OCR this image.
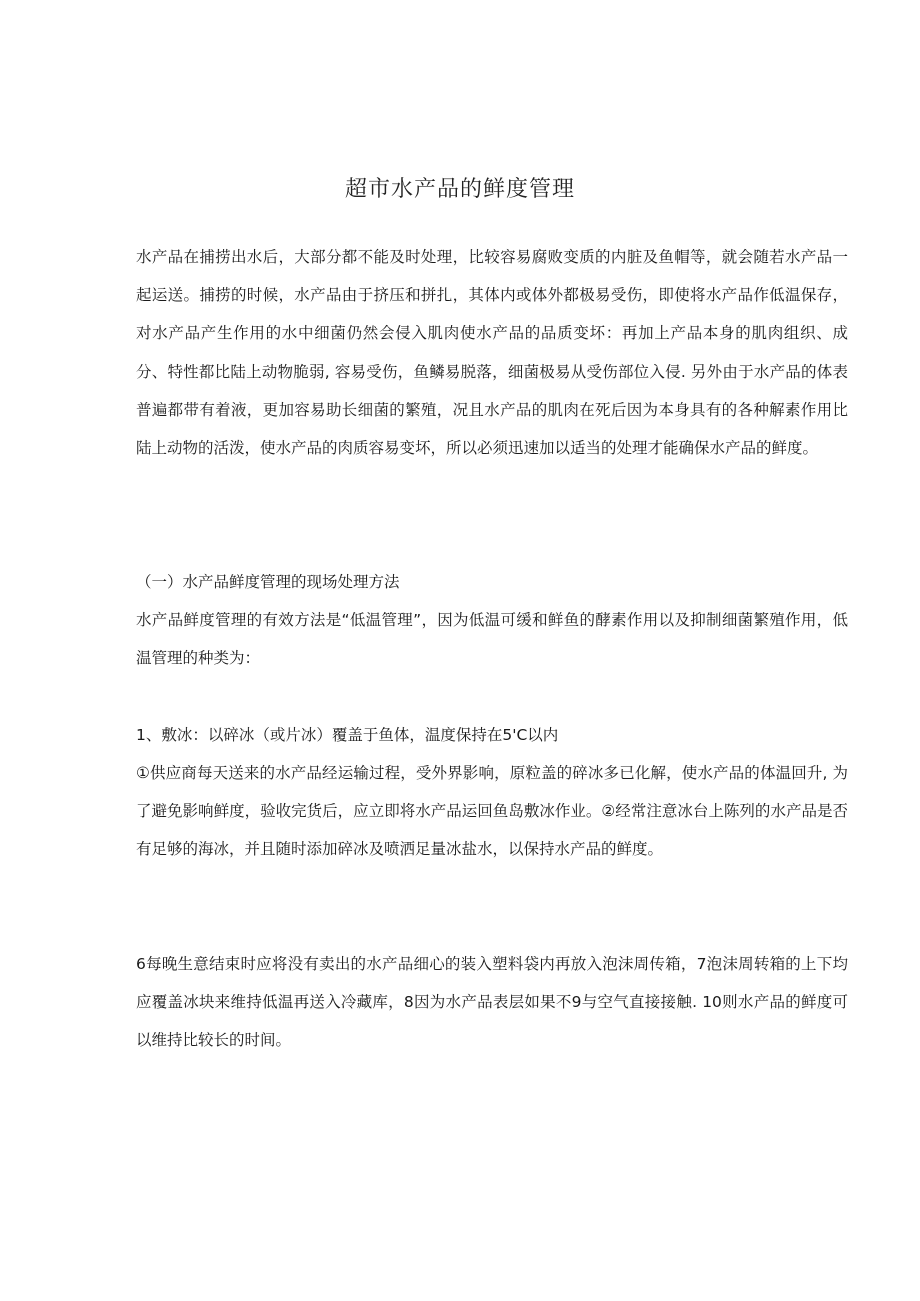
超市水产品的鲜度管理

水产品在捕捞出水后，大部分都不能及时处理，比较容易腐败变质的内脏及鱼帽等，就会随若水产品一起运送。捕捞的时候，水产品由于挤压和拼扎，其体内或体外都极易受伤，即使将水产品作低温保存，对水产品产生作用的水中细菌仍然会侵入肌肉使水产品的品质变坏：再加上产品本身的肌肉组织、成分、特性都比陆上动物脆弱, 容易受伤，鱼鳞易脱落，细菌极易从受伤部位入侵. 另外由于水产品的体表普遍都带有着液，更加容易助长细菌的繁殖，况且水产品的肌肉在死后因为本身具有的各种解素作用比陆上动物的活泼，使水产品的肉质容易变坏，所以必须迅速加以适当的处理才能确保水产品的鲜度。

（一）水产品鲜度管理的现场处理方法

水产品鲜度管理的有效方法是“低温管理”，因为低温可缓和鲜鱼的酵素作用以及抑制细菌繁殖作用，低温管理的种类为：

1、敷冰：以碎冰（或片冰）覆盖于鱼体，温度保持在5'C以内

①供应商每天送来的水产品经运输过程，受外界影响，原粒盖的碎冰多已化解，使水产品的体温回升, 为了避免影响鲜度，验收完货后，应立即将水产品运回鱼岛敷冰作业。②经常注意冰台上陈列的水产品是否有足够的海冰，并且随时添加碎冰及喷洒足量冰盐水，以保持水产品的鲜度。

6每晚生意结束时应将没有卖出的水产品细心的装入塑料袋内再放入泡沫周传箱，7泡沫周转箱的上下均应覆盖冰块来维持低温再送入冷藏库，8因为水产品表层如果不9与空气直接接触. 10则水产品的鲜度可以维持比较长的时间。
